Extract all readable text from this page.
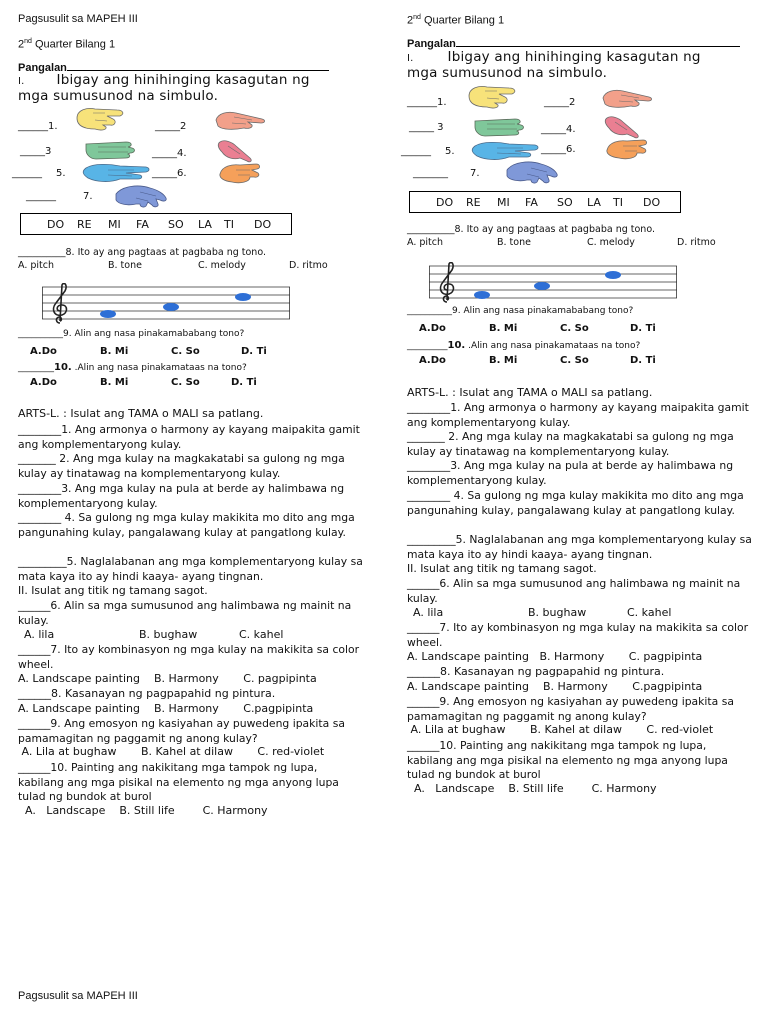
Pagsusulit sa MAPEH III
2nd Quarter Bilang 1
Pangalan
I. Ibigay ang hinihinging kasagutan ng
mga sumusunod na simbulo.
______1.	_____2
_____3	_____4.
______ 5.	_____6.
______	7.
DO RE MI FA SO LA TI DO
__________8. Ito ay ang pagtaas at pagbaba ng tono.
A. pitch	B. tone	C. melody	D. ritmo
__________9. Alin ang nasa pinakamababang tono?
A.Do	B. Mi	C. So	D. Ti
________10. .Alin ang nasa pinakamataas na tono?
A.Do	B. Mi	C. So	D. Ti
ARTS-L. : Isulat ang TAMA o MALI sa patlang.
________1. Ang armonya o harmony ay kayang maipakita gamit ang komplementaryong kulay.
_______ 2. Ang mga kulay na magkakatabi sa gulong ng mga kulay ay tinatawag na komplementaryong kulay.
________3. Ang mga kulay na pula at berde ay halimbawa ng komplementaryong kulay.
________ 4. Sa gulong ng mga kulay makikita mo dito ang mga pangunahing kulay, pangalawang kulay at pangatlong kulay.
_________5. Naglalabanan ang mga komplementaryong kulay sa mata kaya ito ay hindi kaaya- ayang tingnan.
II. Isulat ang titik ng tamang sagot.
______6. Alin sa mga sumusunod ang halimbawa ng mainit na kulay.
A. lila	B. bughaw	C. kahel
______7. Ito ay kombinasyon ng mga kulay na makikita sa color wheel.
A. Landscape painting    B. Harmony       C. pagpipinta
______8. Kasanayan ng pagpapahid ng pintura.
A. Landscape painting    B. Harmony       C.pagpipinta
______9. Ang emosyon ng kasiyahan ay puwedeng ipakita sa pamamagitan ng paggamit ng anong kulay?
A. Lila at bughaw       B. Kahel at dilaw       C. red-violet
______10. Painting ang nakikitang mga tampok ng lupa, kabilang ang mga pisikal na elemento ng mga anyong lupa tulad ng bundok at burol
A.   Landscape    B. Still life        C. Harmony
Pagsusulit sa MAPEH III
2nd Quarter Bilang 1
Pangalan
I.	Ibigay ang hinihinging kasagutan ng
mga sumusunod na simbulo.
______1.	_____2
_____ 3	_____4.
______ 5.	_____6.
_______ 7.
DO RE MI FA SO LA TI DO
__________8. Ito ay ang pagtaas at pagbaba ng tono.
A. pitch	B. tone	C. melody	D. ritmo
__________9. Alin ang nasa pinakamababang tono?
A.Do	B. Mi	C. So	D. Ti
_________10. .Alin ang nasa pinakamataas na tono?
A.Do	B. Mi	C. So	D. Ti
ARTS-L. : Isulat ang TAMA o MALI sa patlang.
________1. Ang armonya o harmony ay kayang maipakita gamit ang komplementaryong kulay.
_______ 2. Ang mga kulay na magkakatabi sa gulong ng mga kulay ay tinatawag na komplementaryong kulay.
________3. Ang mga kulay na pula at berde ay halimbawa ng komplementaryong kulay.
________ 4. Sa gulong ng mga kulay makikita mo dito ang mga pangunahing kulay, pangalawang kulay at pangatlong kulay.
_________5. Naglalabanan ang mga komplementaryong kulay sa mata kaya ito ay hindi kaaya- ayang tingnan.
II. Isulat ang titik ng tamang sagot.
______6. Alin sa mga sumusunod ang halimbawa ng mainit na kulay.
A. lila	B. bughaw	C. kahel
______7. Ito ay kombinasyon ng mga kulay na makikita sa color wheel.
A. Landscape painting   B. Harmony       C. pagpipinta
______8. Kasanayan ng pagpapahid ng pintura.
A. Landscape painting    B. Harmony       C.pagpipinta
______9. Ang emosyon ng kasiyahan ay puwedeng ipakita sa pamamagitan ng paggamit ng anong kulay?
A. Lila at bughaw       B. Kahel at dilaw       C. red-violet
______10. Painting ang nakikitang mga tampok ng lupa, kabilang ang mga pisikal na elemento ng mga anyong lupa tulad ng bundok at burol
A.   Landscape    B. Still life        C. Harmony
